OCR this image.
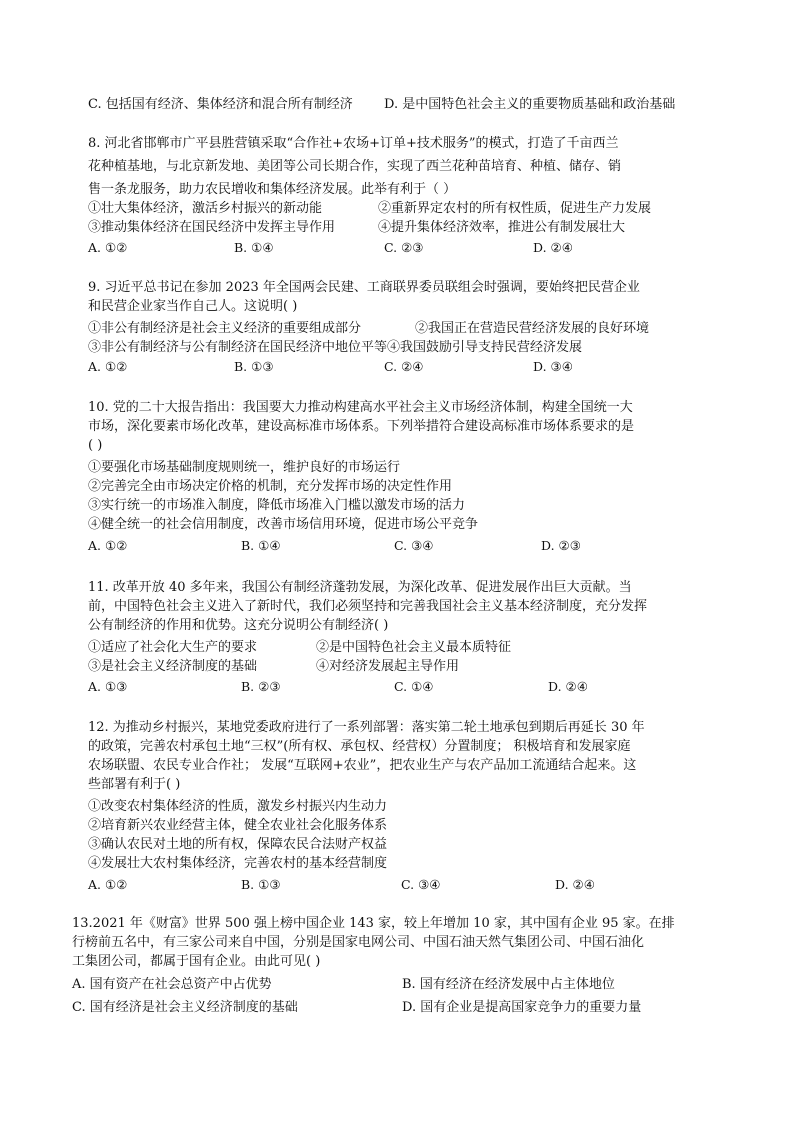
C. 包括国有经济、集体经济和混合所有制经济 D. 是中国特色社会主义的重要物质基础和政治基础
8. 河北省邯郸市广平县胜营镇采取“合作社+农场+订单+技术服务”的模式，打造了千亩西兰
花种植基地，与北京新发地、美团等公司长期合作，实现了西兰花种苗培育、种植、储存、销
售一条龙服务，助力农民增收和集体经济发展。此举有利于（ ）
①壮大集体经济，激活乡村振兴的新动能	②重新界定农村的所有权性质，促进生产力发展
③推动集体经济在国民经济中发挥主导作用	④提升集体经济效率，推进公有制发展壮大
A. ①②	B. ①④	C. ②③	D. ②④
9. 习近平总书记在参加 2023 年全国两会民建、工商联界委员联组会时强调，要始终把民营企业
和民营企业家当作自己人。这说明( )
①非公有制经济是社会主义经济的重要组成部分	②我国正在营造民营经济发展的良好环境
③非公有制经济与公有制经济在国民经济中地位平等④我国鼓励引导支持民营经济发展
A. ①②	B. ①③	C. ②④	D. ③④
10. 党的二十大报告指出：我国要大力推动构建高水平社会主义市场经济体制，构建全国统一大
市场，深化要素市场化改革，建设高标准市场体系。下列举措符合建设高标准市场体系要求的是
( )
①要强化市场基础制度规则统一，维护良好的市场运行
②完善完全由市场决定价格的机制，充分发挥市场的决定性作用
③实行统一的市场准入制度，降低市场准入门槛以激发市场的活力
④健全统一的社会信用制度，改善市场信用环境，促进市场公平竞争
A. ①②	B. ①④	C. ③④	D. ②③
11. 改革开放 40 多年来，我国公有制经济蓬勃发展，为深化改革、促进发展作出巨大贡献。当
前，中国特色社会主义进入了新时代，我们必须坚持和完善我国社会主义基本经济制度，充分发挥
公有制经济的作用和优势。这充分说明公有制经济( )
①适应了社会化大生产的要求	②是中国特色社会主义最本质特征
③是社会主义经济制度的基础	④对经济发展起主导作用
A. ①③	B. ②③	C. ①④	D. ②④
12. 为推动乡村振兴，某地党委政府进行了一系列部署：落实第二轮土地承包到期后再延长 30 年
的政策，完善农村承包土地“三权”(所有权、承包权、经营权）分置制度； 积极培育和发展家庭
农场联盟、农民专业合作社； 发展“互联网+农业”，把农业生产与农产品加工流通结合起来。这
些部署有利于( )
①改变农村集体经济的性质，激发乡村振兴内生动力
②培育新兴农业经营主体，健全农业社会化服务体系
③确认农民对土地的所有权，保障农民合法财产权益
④发展壮大农村集体经济，完善农村的基本经营制度
A. ①②	B. ①③	C. ③④	D. ②④
13.2021 年《财富》世界 500 强上榜中国企业 143 家，较上年增加 10 家，其中国有企业 95 家。在排
行榜前五名中，有三家公司来自中国，分别是国家电网公司、中国石油天然气集团公司、中国石油化
工集团公司，都属于国有企业。由此可见( )
A. 国有资产在社会总资产中占优势	B. 国有经济在经济发展中占主体地位
C. 国有经济是社会主义经济制度的基础	D. 国有企业是提高国家竞争力的重要力量
